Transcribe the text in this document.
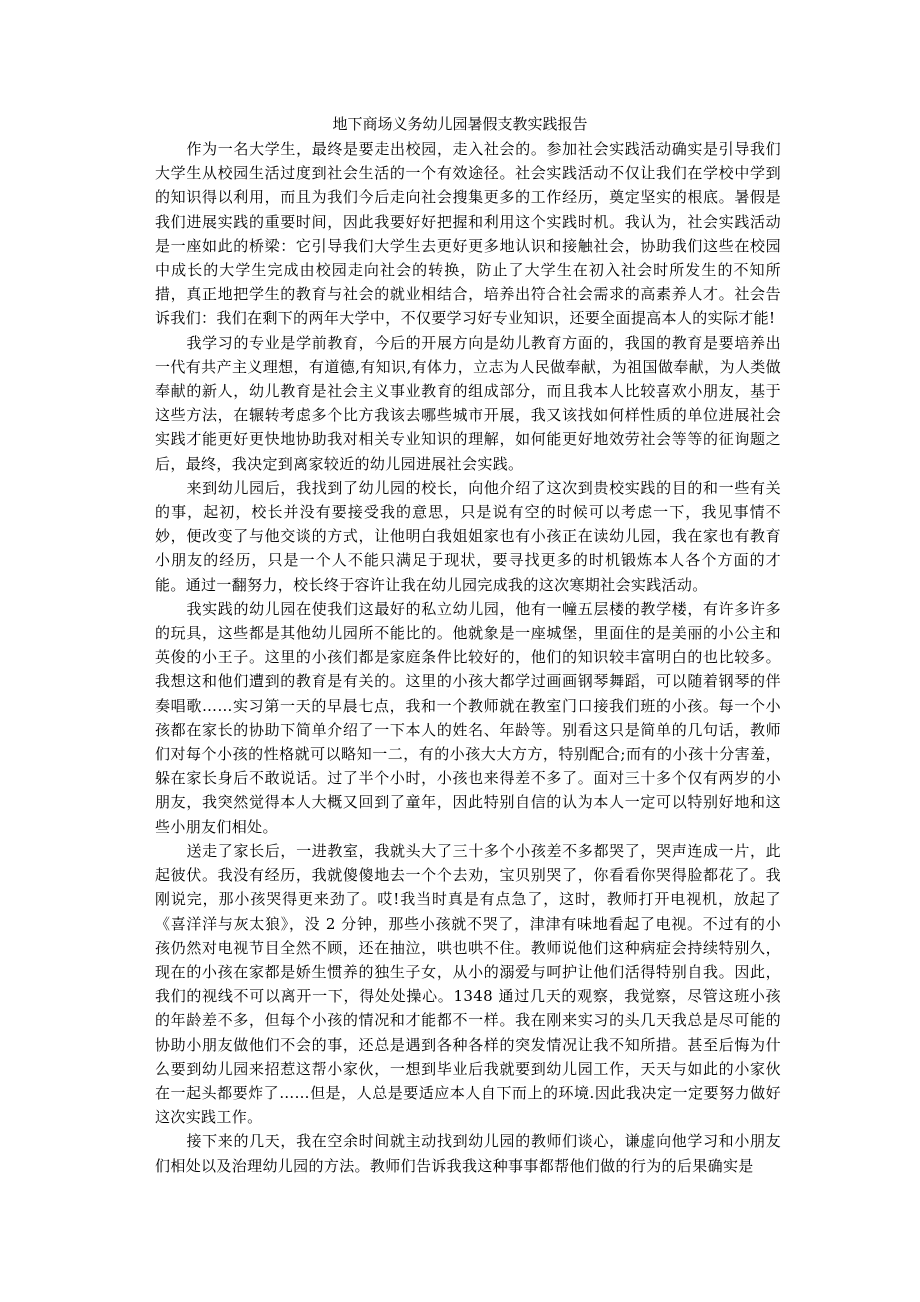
地下商场义务幼儿园暑假支教实践报告

作为一名大学生，最终是要走出校园，走入社会的。参加社会实践活动确实是引导我们大学生从校园生活过度到社会生活的一个有效途径。社会实践活动不仅让我们在学校中学到的知识得以利用，而且为我们今后走向社会搜集更多的工作经历，奠定坚实的根底。暑假是我们进展实践的重要时间，因此我要好好把握和利用这个实践时机。我认为，社会实践活动是一座如此的桥梁：它引导我们大学生去更好更多地认识和接触社会，协助我们这些在校园中成长的大学生完成由校园走向社会的转换，防止了大学生在初入社会时所发生的不知所措，真正地把学生的教育与社会的就业相结合，培养出符合社会需求的高素养人才。社会告诉我们：我们在剩下的两年大学中，不仅要学习好专业知识，还要全面提高本人的实际才能!

我学习的专业是学前教育，今后的开展方向是幼儿教育方面的，我国的教育是要培养出一代有共产主义理想，有道德,有知识,有体力，立志为人民做奉献，为祖国做奉献，为人类做奉献的新人，幼儿教育是社会主义事业教育的组成部分，而且我本人比较喜欢小朋友，基于这些方法，在辗转考虑多个比方我该去哪些城市开展，我又该找如何样性质的单位进展社会实践才能更好更快地协助我对相关专业知识的理解，如何能更好地效劳社会等等的征询题之后，最终，我决定到离家较近的幼儿园进展社会实践。

来到幼儿园后，我找到了幼儿园的校长，向他介绍了这次到贵校实践的目的和一些有关的事，起初，校长并没有要接受我的意思，只是说有空的时候可以考虑一下，我见事情不妙，便改变了与他交谈的方式，让他明白我姐姐家也有小孩正在读幼儿园，我在家也有教育小朋友的经历，只是一个人不能只满足于现状，要寻找更多的时机锻炼本人各个方面的才能。通过一翻努力，校长终于容许让我在幼儿园完成我的这次寒期社会实践活动。

我实践的幼儿园在使我们这最好的私立幼儿园，他有一幢五层楼的教学楼，有许多许多的玩具，这些都是其他幼儿园所不能比的。他就象是一座城堡，里面住的是美丽的小公主和英俊的小王子。这里的小孩们都是家庭条件比较好的，他们的知识较丰富明白的也比较多。我想这和他们遭到的教育是有关的。这里的小孩大都学过画画钢琴舞蹈，可以随着钢琴的伴奏唱歌……实习第一天的早晨七点，我和一个教师就在教室门口接我们班的小孩。每一个小孩都在家长的协助下简单介绍了一下本人的姓名、年龄等。别看这只是简单的几句话，教师们对每个小孩的性格就可以略知一二，有的小孩大大方方，特别配合;而有的小孩十分害羞，躲在家长身后不敢说话。过了半个小时，小孩也来得差不多了。面对三十多个仅有两岁的小朋友，我突然觉得本人大概又回到了童年，因此特别自信的认为本人一定可以特别好地和这些小朋友们相处。

送走了家长后，一进教室，我就头大了三十多个小孩差不多都哭了，哭声连成一片，此起彼伏。我没有经历，我就傻傻地去一个个去劝，宝贝别哭了，你看看你哭得脸都花了。我刚说完，那小孩哭得更来劲了。哎!我当时真是有点急了，这时，教师打开电视机，放起了《喜洋洋与灰太狼》，没 2 分钟，那些小孩就不哭了，津津有味地看起了电视。不过有的小孩仍然对电视节目全然不顾，还在抽泣，哄也哄不住。教师说他们这种病症会持续特别久，现在的小孩在家都是娇生惯养的独生子女，从小的溺爱与呵护让他们活得特别自我。因此，我们的视线不可以离开一下，得处处操心。1348 通过几天的观察，我觉察，尽管这班小孩的年龄差不多，但每个小孩的情况和才能都不一样。我在刚来实习的头几天我总是尽可能的协助小朋友做他们不会的事，还总是遇到各种各样的突发情况让我不知所措。甚至后悔为什么要到幼儿园来招惹这帮小家伙，一想到毕业后我就要到幼儿园工作，天天与如此的小家伙在一起头都要炸了……但是，人总是要适应本人自下而上的环境.因此我决定一定要努力做好这次实践工作。

接下来的几天，我在空余时间就主动找到幼儿园的教师们谈心，谦虚向他学习和小朋友们相处以及治理幼儿园的方法。教师们告诉我我这种事事都帮他们做的行为的后果确实是
